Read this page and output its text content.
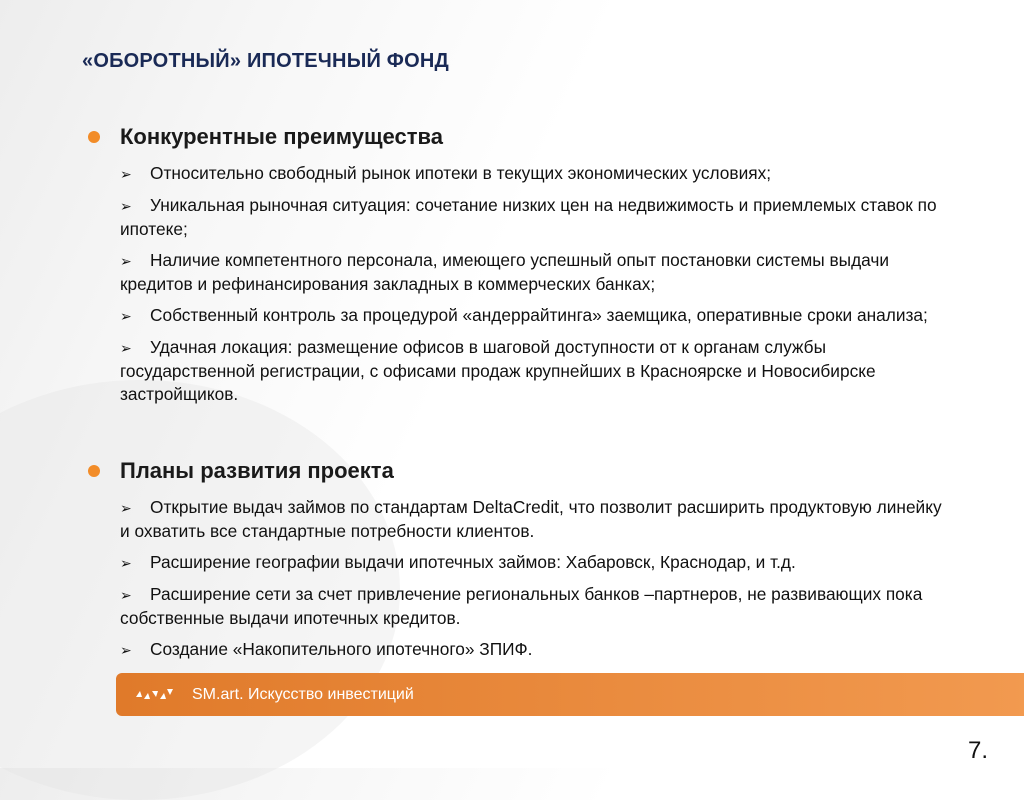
«ОБОРОТНЫЙ» ИПОТЕЧНЫЙ ФОНД
Конкурентные преимущества
➢ Относительно свободный рынок ипотеки в текущих экономических условиях;
➢ Уникальная рыночная ситуация: сочетание низких цен на недвижимость и приемлемых ставок по ипотеке;
➢ Наличие компетентного персонала, имеющего успешный опыт постановки системы выдачи кредитов и рефинансирования закладных в коммерческих банках;
➢ Собственный контроль за процедурой «андеррайтинга» заемщика, оперативные сроки анализа;
➢ Удачная локация: размещение офисов в шаговой доступности от к органам службы государственной регистрации, с офисами продаж крупнейших в Красноярске и Новосибирске застройщиков.
Планы развития проекта
➢ Открытие выдач займов по стандартам DeltaCredit, что позволит расширить продуктовую линейку и охватить все стандартные потребности клиентов.
➢ Расширение географии выдачи ипотечных займов: Хабаровск, Краснодар, и т.д.
➢ Расширение сети за счет привлечение региональных банков –партнеров, не развивающих пока собственные выдачи ипотечных кредитов.
➢ Создание «Накопительного ипотечного» ЗПИФ.
SM.art. Искусство инвестиций
7.
